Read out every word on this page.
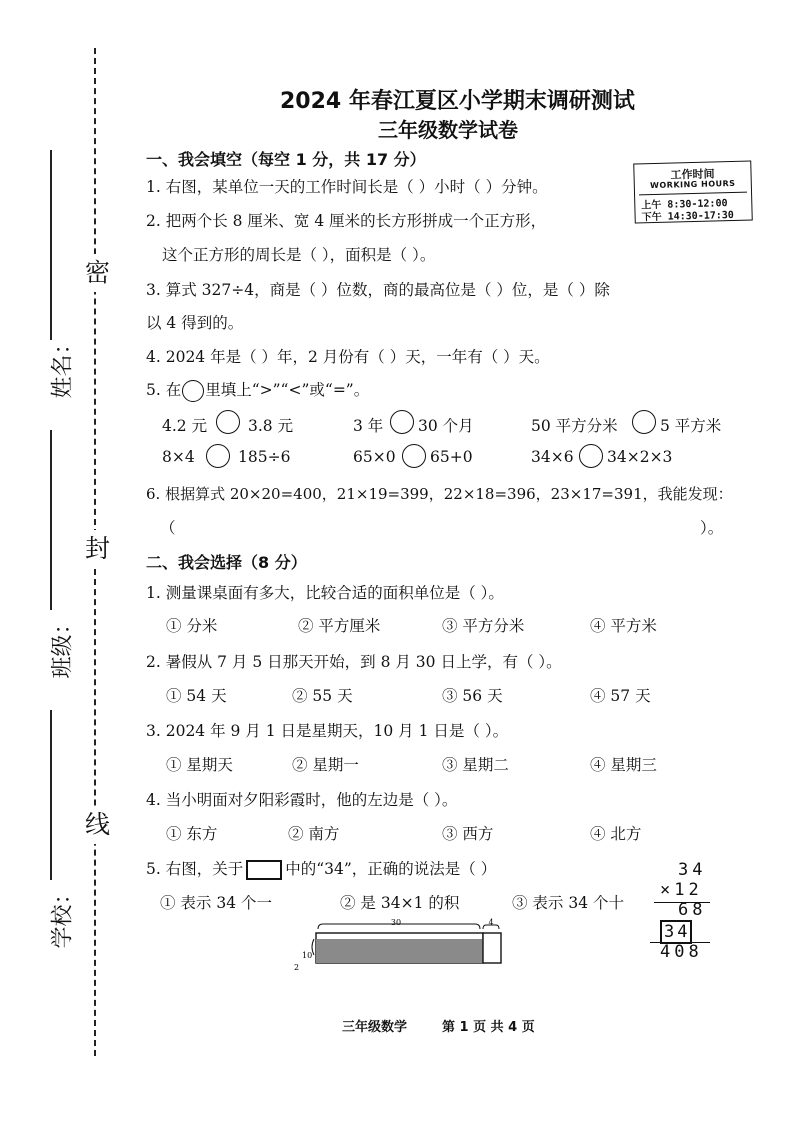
姓名：
班级：
学校：
密
封
线
2024 年春江夏区小学期末调研测试
三年级数学试卷
一、我会填空（每空 1 分，共 17 分）
1. 右图，某单位一天的工作时间长是（ ）小时（ ）分钟。
工作时间
WORKING HOURS
上午 8:30-12:00
下午 14:30-17:30
2. 把两个长 8 厘米、宽 4 厘米的长方形拼成一个正方形，
这个正方形的周长是（ ），面积是（ ）。
3. 算式 327÷4，商是（ ）位数，商的最高位是（ ）位，是（ ）除
以 4 得到的。
4. 2024 年是（ ）年，2 月份有（ ）天，一年有（ ）天。
5. 在 里填上“>”“<”或“=”。
4.2 元	3.8 元	3 年 30 个月	50 平方分米	5 平方米
8×4	185÷6	65×0 65+0	34×6 34×2×3
6. 根据算式 20×20=400，21×19=399，22×18=396，23×17=391，我能发现：
（	）。
二、我会选择（8 分）
1. 测量课桌面有多大，比较合适的面积单位是（ ）。
① 分米	② 平方厘米	③ 平方分米	④ 平方米
2. 暑假从 7 月 5 日那天开始，到 8 月 30 日上学，有（ ）。
① 54 天	② 55 天	③ 56 天	④ 57 天
3. 2024 年 9 月 1 日是星期天，10 月 1 日是（ ）。
① 星期天	② 星期一	③ 星期二	④ 星期三
4. 当小明面对夕阳彩霞时，他的左边是（ ）。
① 东方	② 南方	③ 西方	④ 北方
5. 右图，关于	中的“34”，正确的说法是（ ）
① 表示 34 个一	② 是 34×1 的积	③ 表示 34 个十
30	4
10
2
34
×12
68
34
408
三年级数学	第 1 页 共 4 页
